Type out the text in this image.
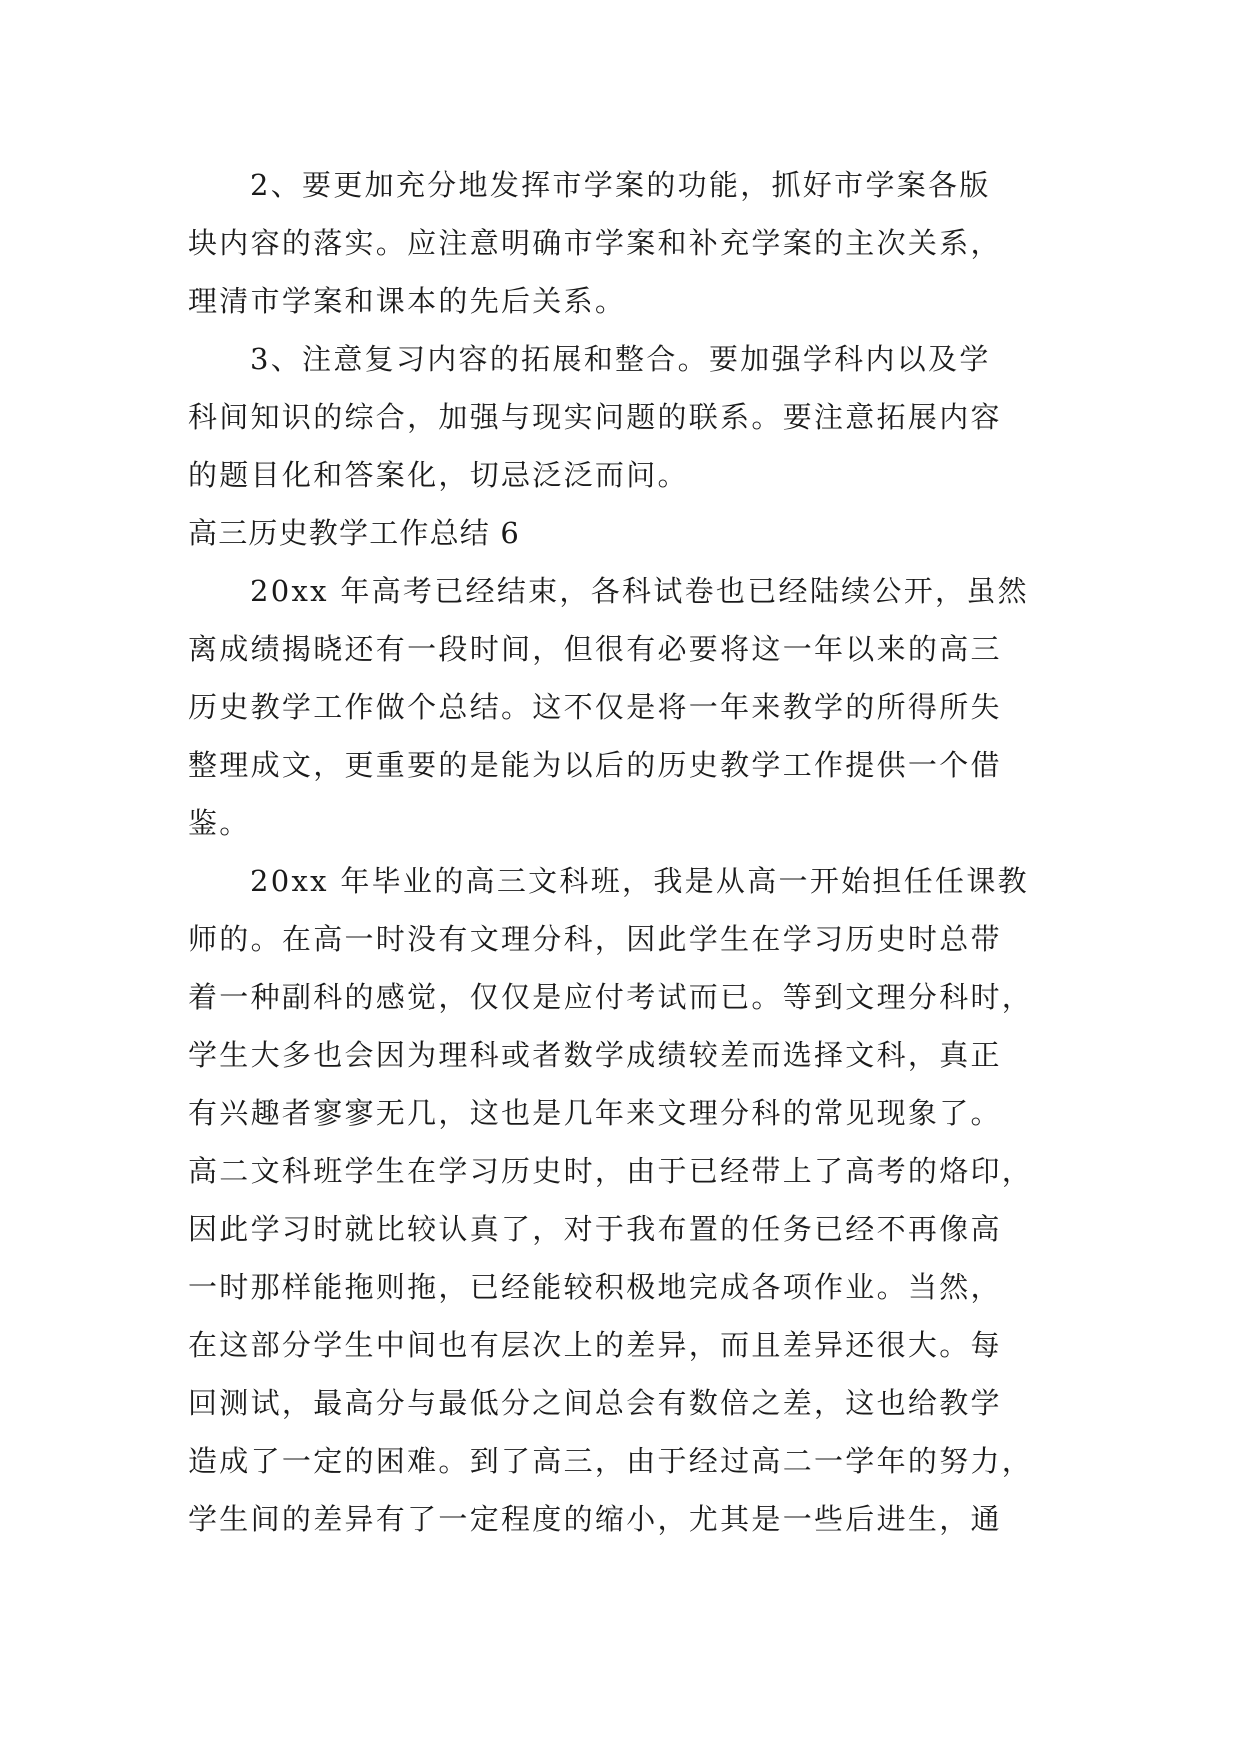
2、要更加充分地发挥市学案的功能，抓好市学案各版
块内容的落实。应注意明确市学案和补充学案的主次关系，
理清市学案和课本的先后关系。
3、注意复习内容的拓展和整合。要加强学科内以及学
科间知识的综合，加强与现实问题的联系。要注意拓展内容
的题目化和答案化，切忌泛泛而问。
高三历史教学工作总结 6
20xx 年高考已经结束，各科试卷也已经陆续公开，虽然
离成绩揭晓还有一段时间，但很有必要将这一年以来的高三
历史教学工作做个总结。这不仅是将一年来教学的所得所失
整理成文，更重要的是能为以后的历史教学工作提供一个借
鉴。
20xx 年毕业的高三文科班，我是从高一开始担任任课教
师的。在高一时没有文理分科，因此学生在学习历史时总带
着一种副科的感觉，仅仅是应付考试而已。等到文理分科时，
学生大多也会因为理科或者数学成绩较差而选择文科，真正
有兴趣者寥寥无几，这也是几年来文理分科的常见现象了。
高二文科班学生在学习历史时，由于已经带上了高考的烙印，
因此学习时就比较认真了，对于我布置的任务已经不再像高
一时那样能拖则拖，已经能较积极地完成各项作业。当然，
在这部分学生中间也有层次上的差异，而且差异还很大。每
回测试，最高分与最低分之间总会有数倍之差，这也给教学
造成了一定的困难。到了高三，由于经过高二一学年的努力，
学生间的差异有了一定程度的缩小，尤其是一些后进生，通
